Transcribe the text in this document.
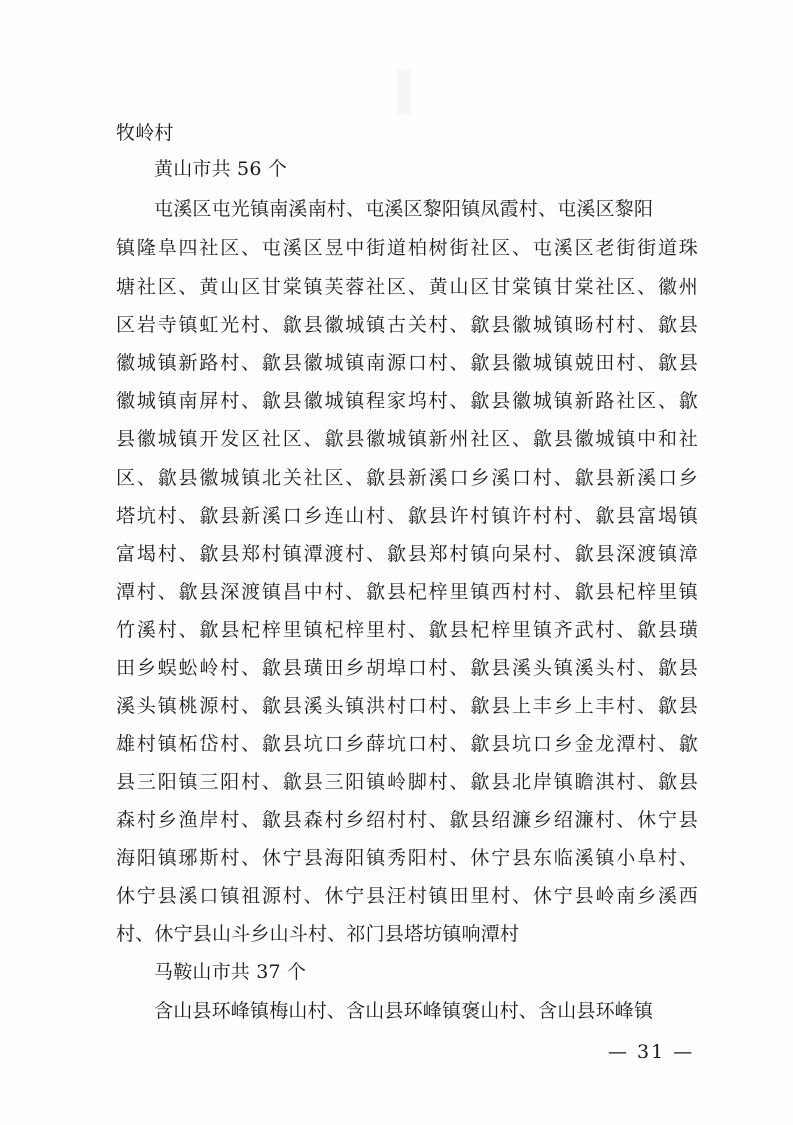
牧岭村
黄山市共 56 个
屯溪区屯光镇南溪南村、屯溪区黎阳镇凤霞村、屯溪区黎阳
镇隆阜四社区、屯溪区昱中街道柏树街社区、屯溪区老街街道珠
塘社区、黄山区甘棠镇芙蓉社区、黄山区甘棠镇甘棠社区、徽州
区岩寺镇虹光村、歙县徽城镇古关村、歙县徽城镇旸村村、歙县
徽城镇新路村、歙县徽城镇南源口村、歙县徽城镇兢田村、歙县
徽城镇南屏村、歙县徽城镇程家坞村、歙县徽城镇新路社区、歙
县徽城镇开发区社区、歙县徽城镇新州社区、歙县徽城镇中和社
区、歙县徽城镇北关社区、歙县新溪口乡溪口村、歙县新溪口乡
塔坑村、歙县新溪口乡连山村、歙县许村镇许村村、歙县富堨镇
富堨村、歙县郑村镇潭渡村、歙县郑村镇向杲村、歙县深渡镇漳
潭村、歙县深渡镇昌中村、歙县杞梓里镇西村村、歙县杞梓里镇
竹溪村、歙县杞梓里镇杞梓里村、歙县杞梓里镇齐武村、歙县璜
田乡蜈蚣岭村、歙县璜田乡胡埠口村、歙县溪头镇溪头村、歙县
溪头镇桃源村、歙县溪头镇洪村口村、歙县上丰乡上丰村、歙县
雄村镇柘岱村、歙县坑口乡薛坑口村、歙县坑口乡金龙潭村、歙
县三阳镇三阳村、歙县三阳镇岭脚村、歙县北岸镇瞻淇村、歙县
森村乡渔岸村、歙县森村乡绍村村、歙县绍濂乡绍濂村、休宁县
海阳镇琊斯村、休宁县海阳镇秀阳村、休宁县东临溪镇小阜村、
休宁县溪口镇祖源村、休宁县汪村镇田里村、休宁县岭南乡溪西
村、休宁县山斗乡山斗村、祁门县塔坊镇响潭村
马鞍山市共 37 个
含山县环峰镇梅山村、含山县环峰镇褒山村、含山县环峰镇
— 31 —
